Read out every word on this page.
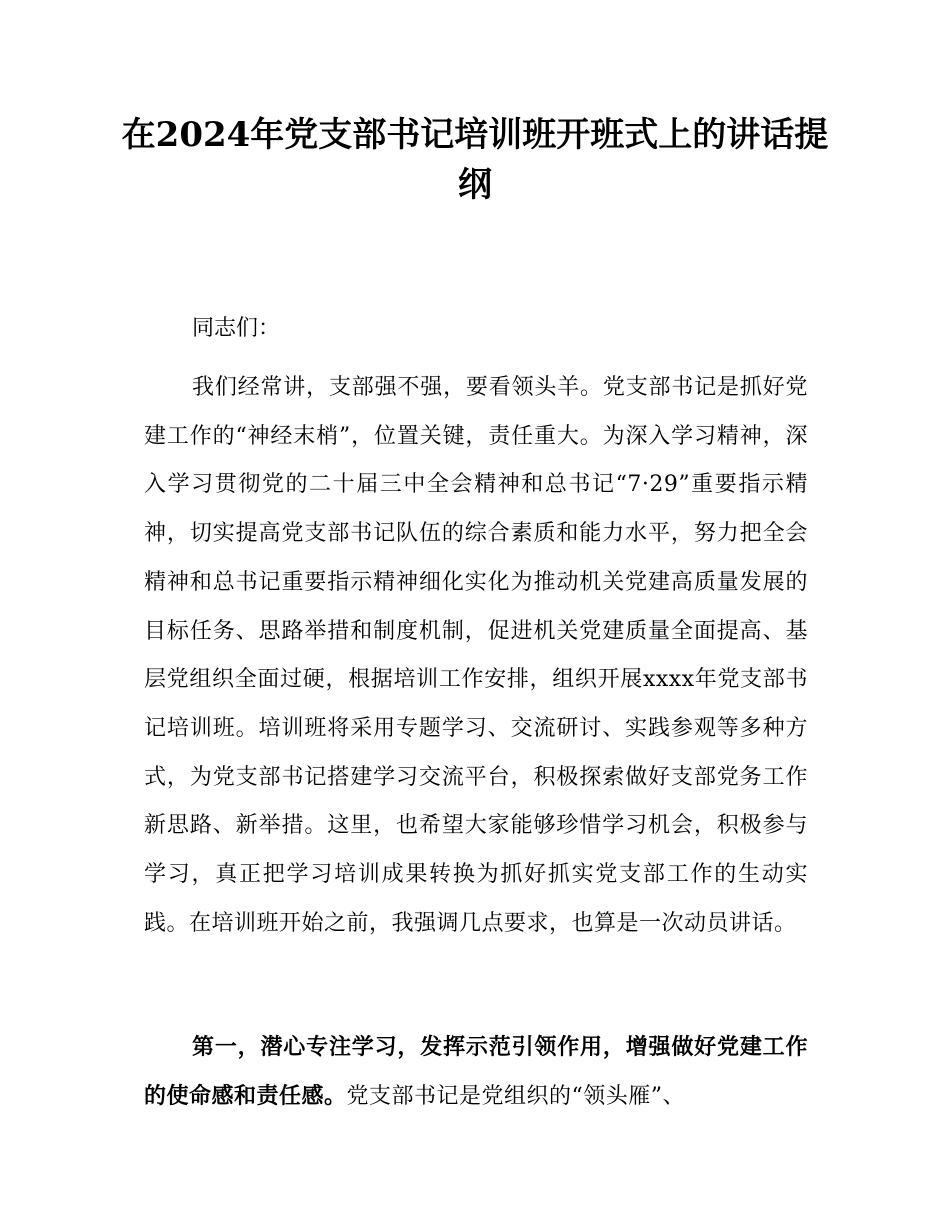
在2024年党支部书记培训班开班式上的讲话提纲

同志们：

我们经常讲，支部强不强，要看领头羊。党支部书记是抓好党建工作的“神经末梢”，位置关键，责任重大。为深入学习精神，深入学习贯彻党的二十届三中全会精神和总书记“7·29”重要指示精神，切实提高党支部书记队伍的综合素质和能力水平，努力把全会精神和总书记重要指示精神细化实化为推动机关党建高质量发展的目标任务、思路举措和制度机制，促进机关党建质量全面提高、基层党组织全面过硬，根据培训工作安排，组织开展xxxx年党支部书记培训班。培训班将采用专题学习、交流研讨、实践参观等多种方式，为党支部书记搭建学习交流平台，积极探索做好支部党务工作新思路、新举措。这里，也希望大家能够珍惜学习机会，积极参与学习，真正把学习培训成果转换为抓好抓实党支部工作的生动实践。在培训班开始之前，我强调几点要求，也算是一次动员讲话。

第一，潜心专注学习，发挥示范引领作用，增强做好党建工作的使命感和责任感。党支部书记是党组织的“领头雁”、
